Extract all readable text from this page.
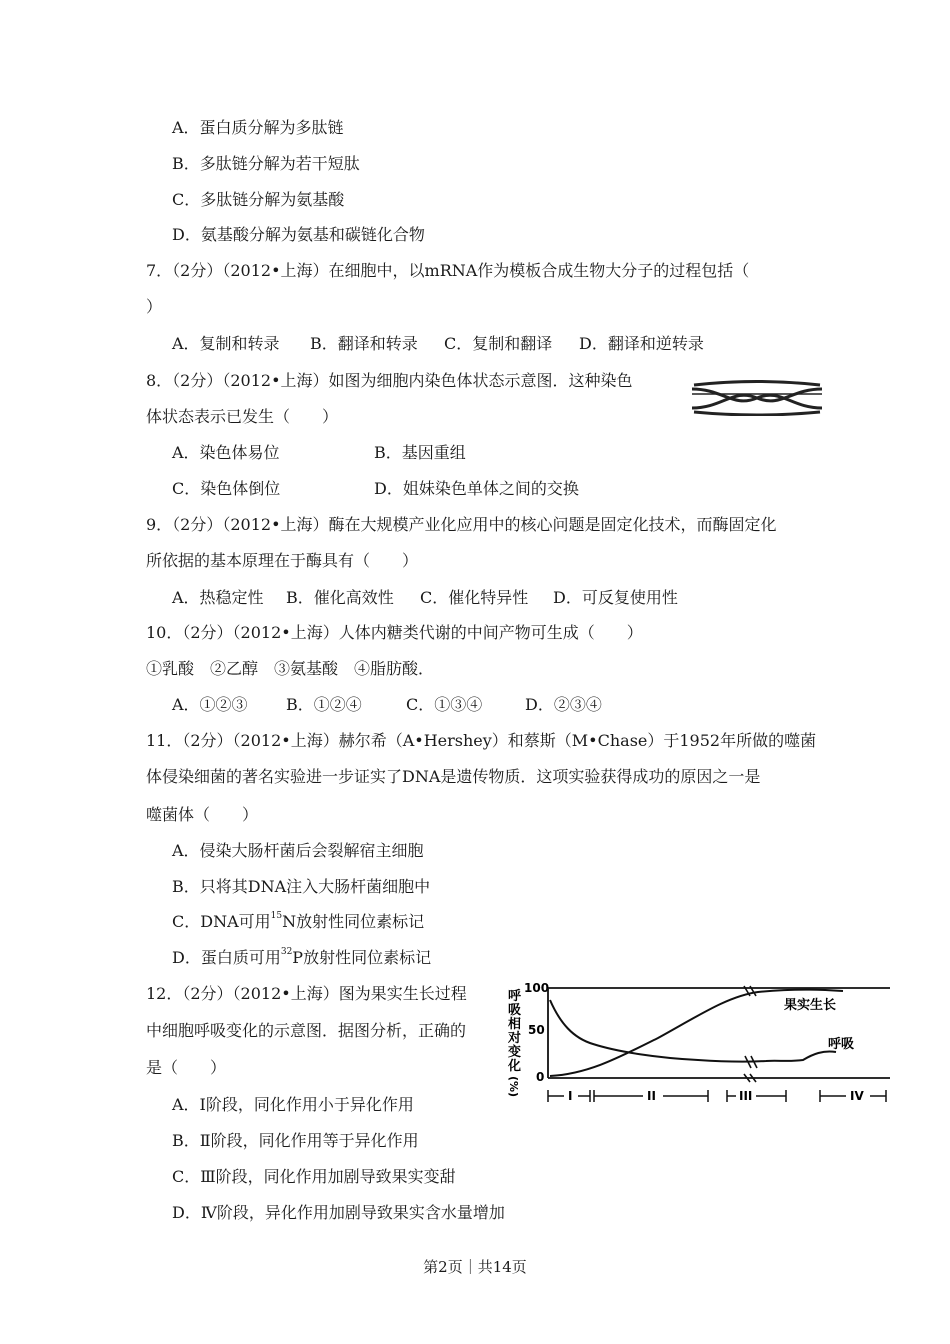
A．蛋白质分解为多肽链
B．多肽链分解为若干短肽
C．多肽链分解为氨基酸
D．氨基酸分解为氨基和碳链化合物
7．（2分）（2012•上海）在细胞中，以mRNA作为模板合成生物大分子的过程包括（
）
A．复制和转录 B．翻译和转录 C．复制和翻译 D．翻译和逆转录
8．（2分）（2012•上海）如图为细胞内染色体状态示意图．这种染色
体状态表示已发生（　　）
A．染色体易位	B．基因重组
C．染色体倒位	D．姐妹染色单体之间的交换
9．（2分）（2012•上海）酶在大规模产业化应用中的核心问题是固定化技术，而酶固定化
所依据的基本原理在于酶具有（　　）
A．热稳定性 B．催化高效性 C．催化特异性 D．可反复使用性
10．（2分）（2012•上海）人体内糖类代谢的中间产物可生成（　　）
①乳酸　②乙醇　③氨基酸　④脂肪酸．
A．①②③ B．①②④	C．①③④	D．②③④
11．（2分）（2012•上海）赫尔希（A•Hershey）和蔡斯（M•Chase）于1952年所做的噬菌
体侵染细菌的著名实验进一步证实了DNA是遗传物质．这项实验获得成功的原因之一是
噬菌体（　　）
A．侵染大肠杆菌后会裂解宿主细胞
B．只将其DNA注入大肠杆菌细胞中
C．DNA可用$^{15}$N放射性同位素标记
D．蛋白质可用$^{32}$P放射性同位素标记
12．（2分）（2012•上海）图为果实生长过程
中细胞呼吸变化的示意图．据图分析，正确的
是（　　）
A．Ⅰ阶段，同化作用小于异化作用
B．Ⅱ阶段，同化作用等于异化作用
C．Ⅲ阶段，同化作用加剧导致果实变甜
D．Ⅳ阶段，异化作用加剧导致果实含水量增加
呼
吸
相
对
变
化
(%)
100
50
0
果实生长
呼吸
I	II	III	IV
第2页｜共14页
